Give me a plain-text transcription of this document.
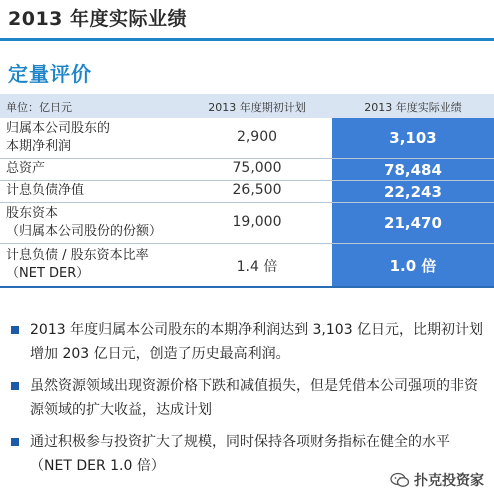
2013 年度实际业绩
定量评价
单位：亿日元	2013 年度期初计划	2013 年度实际业绩
归属本公司股东的
本期净利润
2,900	3,103
总资产	75,000	78,484
计息负债净值	26,500	22,243
股东资本
（归属本公司股份的份额）
19,000	21,470
计息负债 / 股东资本比率
（NET DER）	1.4 倍	1.0 倍
2013 年度归属本公司股东的本期净利润达到 3,103 亿日元，比期初计划增加 203 亿日元，创造了历史最高利润。
虽然资源领域出现资源价格下跌和减值损失，但是凭借本公司强项的非资源领域的扩大收益，达成计划
通过积极参与投资扩大了规模，同时保持各项财务指标在健全的水平（NET DER 1.0 倍）
扑克投资家
